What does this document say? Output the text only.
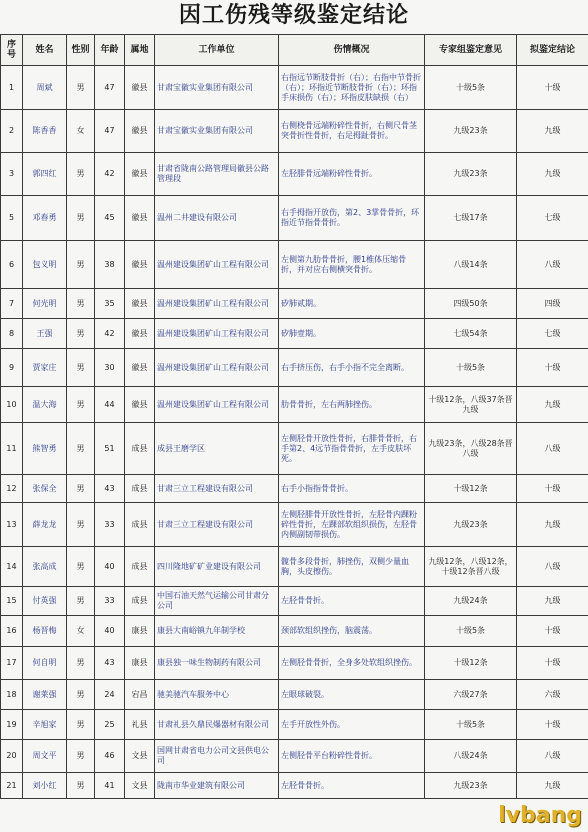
因工伤残等级鉴定结论
序号	姓名	性别	年龄	属地	工作单位	伤情概况	专家组鉴定意见	拟鉴定结论
1	周斌	男	47	徽县	甘肃宝徽实业集团有限公司	右指远节断肢骨折（右）；右指中节骨折（右）；环指近节断肢骨折（右）；环指手床损伤（右）；环指皮肤缺损（右）	十级5条	十级
2	陈香香	女	47	徽县	甘肃宝徽实业集团有限公司	右侧桡骨远端粉碎性骨折，右侧尺骨茎突骨折性骨折，右足拇趾骨折。	九级23条	九级
3	郭四红	男	42	徽县	甘肃省陇南公路管理局徽县公路管理段	左胫腓骨远端粉碎性骨折。	九级23条	九级
5	邓春勇	男	45	徽县	温州二井建设有限公司	右手拇指开放伤，第2、3掌骨骨折，环指近节指骨骨折。	七级17条	七级
6	包义明	男	38	徽县	温州建设集团矿山工程有限公司	左侧第九肋骨骨折，腰1椎体压缩骨折，并对应右侧横突骨折。	八级14条	八级
7	何光明	男	35	徽县	温州建设集团矿山工程有限公司	矽肺贰期。	四级50条	四级
8	王强	男	42	徽县	温州建设集团矿山工程有限公司	矽肺壹期。	七级54条	七级
9	贾家庄	男	30	徽县	温州建设集团矿山工程有限公司	右手挤压伤，右手小指不完全离断。	十级5条	十级
10	温大海	男	44	徽县	温州建设集团矿山工程有限公司	肋骨骨折，左右两肺挫伤。	十级12条，八级37条晋九级	九级
11	熊智勇	男	51	成县	成县王磨学区	左侧胫骨开放性骨折，右腓骨骨折，右手第2、4远节指骨骨折，左手皮肤坏死。	九级23条，八级28条晋八级	八级
12	张保全	男	43	成县	甘肃三立工程建设有限公司	右手小指指骨骨折。	十级12条	十级
13	薛龙龙	男	33	成县	甘肃三立工程建设有限公司	左侧胫腓骨开放性骨折，左胫骨内踝粉碎性骨折，左踝部软组织损伤，左胫骨内侧副韧带损伤。	九级23条	九级
14	张高成	男	40	成县	四川隆地矿矿业建设有限公司	髋骨多段骨折，肺挫伤，双侧少量血胸，头皮擦伤。	九级12条，八级12条，十级12条晋八级	八级
15	付英强	男	33	成县	中国石油天然气运输公司甘肃分公司	左胫骨骨折。	九级24条	九级
16	杨晋梅	女	40	康县	康县大南峪镇九年制学校	颈部软组织挫伤，脑震荡。	十级5条	十级
17	何自明	男	43	康县	康县独一味生物制药有限公司	左侧胫骨骨折，全身多处软组织挫伤。	十级12条	十级
18	谢莱强	男	24	宕昌	驰美驰汽车服务中心	左眼球破裂。	六级27条	六级
19	辛旭家	男	25	礼县	甘肃礼县久鼎民爆器材有限公司	左手开放性外伤。	十级5条	十级
20	周文平	男	46	文县	国网甘肃省电力公司文县供电公司	左侧胫骨平台粉碎性骨折。	八级24条	八级
21	刘小红	男	41	文县	陇南市华业建筑有限公司	左胫骨骨折。	九级23条	九级
lvbang
